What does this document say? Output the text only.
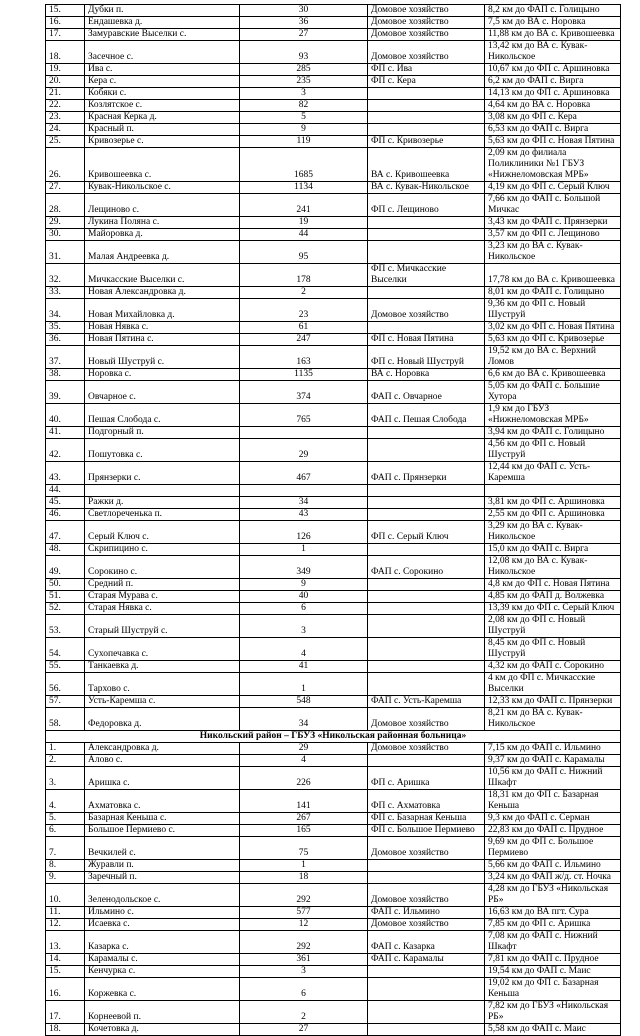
15.	Дубки п.	30	Домовое хозяйство	8,2 км до ФАП с. Голицыно
16.	Ендашевка д.	36	Домовое хозяйство	7,5 км до ВА с. Норовка
17.	Замуравские Выселки с.	27	Домовое хозяйство	11,88 км до ВА с. Кривошеевка
18.	Засечное с.	93	Домовое хозяйство	13,42 км до ВА с. Кувак-Никольское
19.	Ива с.	285	ФП с. Ива	10,67 км до ФП с. Аршиновка
20.	Кера с.	235	ФП с. Кера	6,2 км до ФАП с. Вирга
21.	Кобяки с.	3		14,13 км до ФП с. Аршиновка
22.	Козлятское с.	82		4,64 км до ВА с. Норовка
23.	Красная Керка д.	5		3,08 км до ФП с. Кера
24.	Красный п.	9		6,53 км до ФАП с. Вирга
25.	Кривозерье с.	119	ФП с. Кривозерье	5,63 км до ФП с. Новая Пятина
26.	Кривошеевка с.	1685	ВА с. Кривошеевка	2,09 км до филиала Поликлиники №1 ГБУЗ «Нижнеломовская МРБ»
27.	Кувак-Никольское с.	1134	ВА с. Кувак-Никольское	4,19 км до ФП с. Серый Ключ
28.	Лещиново с.	241	ФП с. Лещиново	7,66 км до ФАП с. Большой Мичкас
29.	Лукина Поляна с.	19		3,43 км до ФАП с. Прянзерки
30.	Майоровка д.	44		3,57 км до ФП с. Лещиново
31.	Малая Андреевка д.	95		3,23 км до ВА с. Кувак-Никольское
32.	Мичкасские Выселки с.	178	ФП с. Мичкасские Выселки	17,78 км до ВА с. Кривошеевка
33.	Новая Александровка д.	2		8,01 км до ФАП с. Голицыно
34.	Новая Михайловка д.	23	Домовое хозяйство	9,36 км до ФП с. Новый Шуструй
35.	Новая Нявка с.	61		3,02 км до ФП с. Новая Пятина
36.	Новая Пятина с.	247	ФП с. Новая Пятина	5,63 км до ФП с. Кривозерье
37.	Новый Шуструй с.	163	ФП с. Новый Шуструй	19,52 км до ВА с. Верхний Ломов
38.	Норовка с.	1135	ВА с. Норовка	6,6 км до ВА с. Кривошеевка
39.	Овчарное с.	374	ФАП с. Овчарное	5,05 км до ФАП с. Большие Хутора
40.	Пешая Слобода с.	765	ФАП с. Пешая Слобода	1,9 км до ГБУЗ «Нижнеломовская МРБ»
41.	Подгорный п.			3,94 км до ФАП с. Голицыно
42.	Пошутовка с.	29		4,56 км до ФП с. Новый Шуструй
43.	Прянзерки с.	467	ФАП с. Прянзерки	12,44 км до ФАП с. Усть-Каремша
44.				
45.	Ражки д.	34		3,81 км до ФП с. Аршиновка
46.	Светлореченька п.	43		2,55 км до ФП с. Аршиновка
47.	Серый Ключ с.	126	ФП с. Серый Ключ	3,29 км до ВА с. Кувак-Никольское
48.	Скрипицино с.	1		15,0 км до ФАП с. Вирга
49.	Сорокино с.	349	ФАП с. Сорокино	12,08 км до ВА с. Кувак-Никольское
50.	Средний п.	9		4,8 км до ФП с. Новая Пятина
51.	Старая Мурава с.	40		4,85 км до ФАП д. Волжевка
52.	Старая Нявка с.	6		13,39 км до ФП с. Серый Ключ
53.	Старый Шуструй с.	3		2,08 км до ФП с. Новый Шуструй
54.	Сухопечавка с.	4		8,45 км до ФП с. Новый Шуструй
55.	Танкаевка д.	41		4,32 км до ФАП с. Сорокино
56.	Тархово с.	1		4 км до ФП с. Мичкасские Выселки
57.	Усть-Каремша с.	548	ФАП с. Усть-Каремша	12,33 км до ФАП с. Прянзерки
58.	Федоровка д.	34	Домовое хозяйство	8,21 км до ВА с. Кувак-Никольское
Никольский район – ГБУЗ «Никольская районная больница»				
1.	Александровка д.	29	Домовое хозяйство	7,15 км до ФАП с. Ильмино
2.	Алово с.	4		9,37 км до ФАП с. Карамалы
3.	Аришка с.	226	ФП с. Аришка	10,56 км до ФАП с. Нижний Шкафт
4.	Ахматовка с.	141	ФП с. Ахматовка	18,31 км до ФП с. Базарная Кеньша
5.	Базарная Кеньша с.	267	ФП с. Базарная Кеньша	9,3 км до ФАП с. Серман
6.	Большое Пермиево с.	165	ФП с. Большое Пермиево	22,83 км до ФАП с. Прудное
7.	Вечкилей с.	75	Домовое хозяйство	9,69 км до ФП с. Большое Пермиево
8.	Журавли п.	1		5,66 км до ФАП с. Ильмино
9.	Заречный п.	18		3,24 км до ФАП ж/д. ст. Ночка
10.	Зеленодольское с.	292	Домовое хозяйство	4,28 км до ГБУЗ «Никольская РБ»
11.	Ильмино с.	577	ФАП с. Ильмино	16,63 км до ВА пгт. Сура
12.	Исаевка с.	12	Домовое хозяйство	7,85 км до ФП с. Аришка
13.	Казарка с.	292	ФАП с. Казарка	7,08 км до ФАП с. Нижний Шкафт
14.	Карамалы с.	361	ФАП с. Карамалы	7,81 км до ФАП с. Прудное
15.	Кенчурка с.	3		19,54 км до ФАП с. Маис
16.	Коржевка с.	6		19,02 км до ФП с. Базарная Кеньша
17.	Корнеевой п.	2		7,82 км до ГБУЗ «Никольская РБ»
18.	Кочетовка д.	27		5,58 км до ФАП с. Маис
